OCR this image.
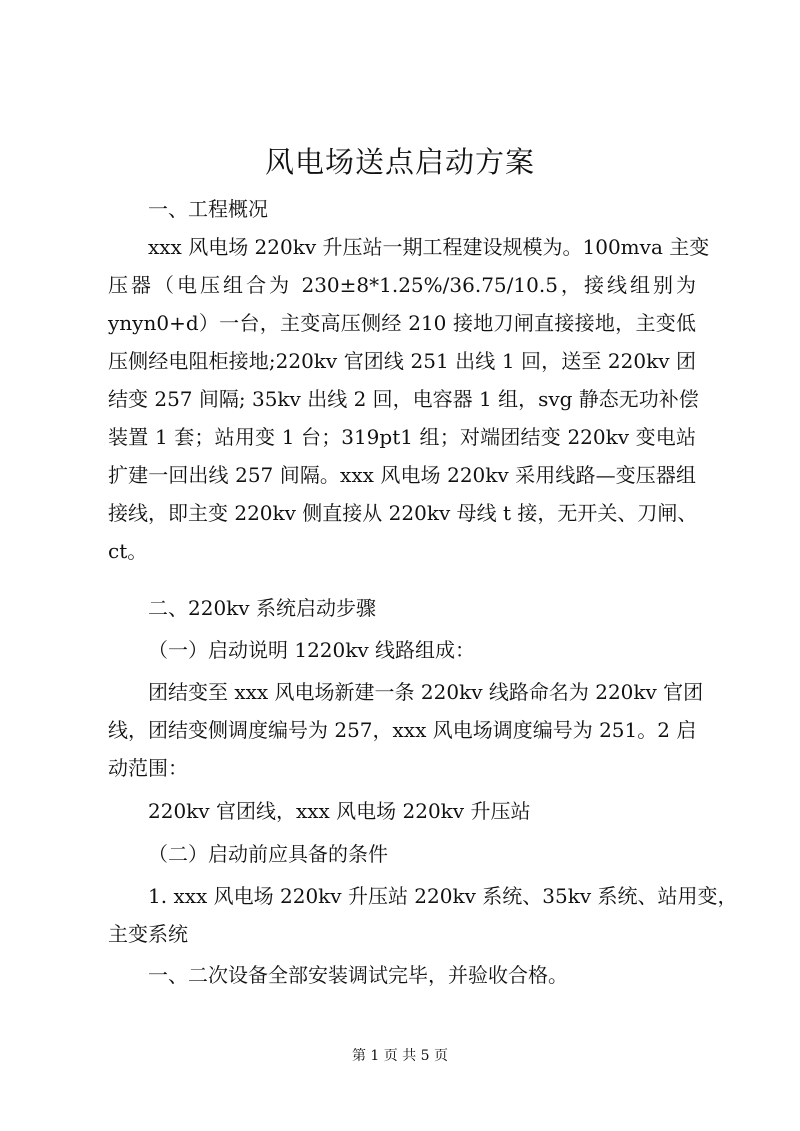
风电场送点启动方案
一、工程概况
xxx 风电场 220kv 升压站一期工程建设规模为。100mva 主变
压器（电压组合为 230±8*1.25%/36.75/10.5，接线组别为
ynyn0+d）一台，主变高压侧经 210 接地刀闸直接接地，主变低
压侧经电阻柜接地;220kv 官团线 251 出线 1 回，送至 220kv 团
结变 257 间隔; 35kv 出线 2 回，电容器 1 组，svg 静态无功补偿
装置 1 套；站用变 1 台；319pt1 组；对端团结变 220kv 变电站
扩建一回出线 257 间隔。xxx 风电场 220kv 采用线路—变压器组
接线，即主变 220kv 侧直接从 220kv 母线 t 接，无开关、刀闸、
ct。
二、220kv 系统启动步骤
（一）启动说明 1220kv 线路组成：
团结变至 xxx 风电场新建一条 220kv 线路命名为 220kv 官团
线，团结变侧调度编号为 257，xxx 风电场调度编号为 251。2 启
动范围：
220kv 官团线，xxx 风电场 220kv 升压站
（二）启动前应具备的条件
1. xxx 风电场 220kv 升压站 220kv 系统、35kv 系统、站用变，
主变系统
一、二次设备全部安装调试完毕，并验收合格。
第 1 页 共 5 页
